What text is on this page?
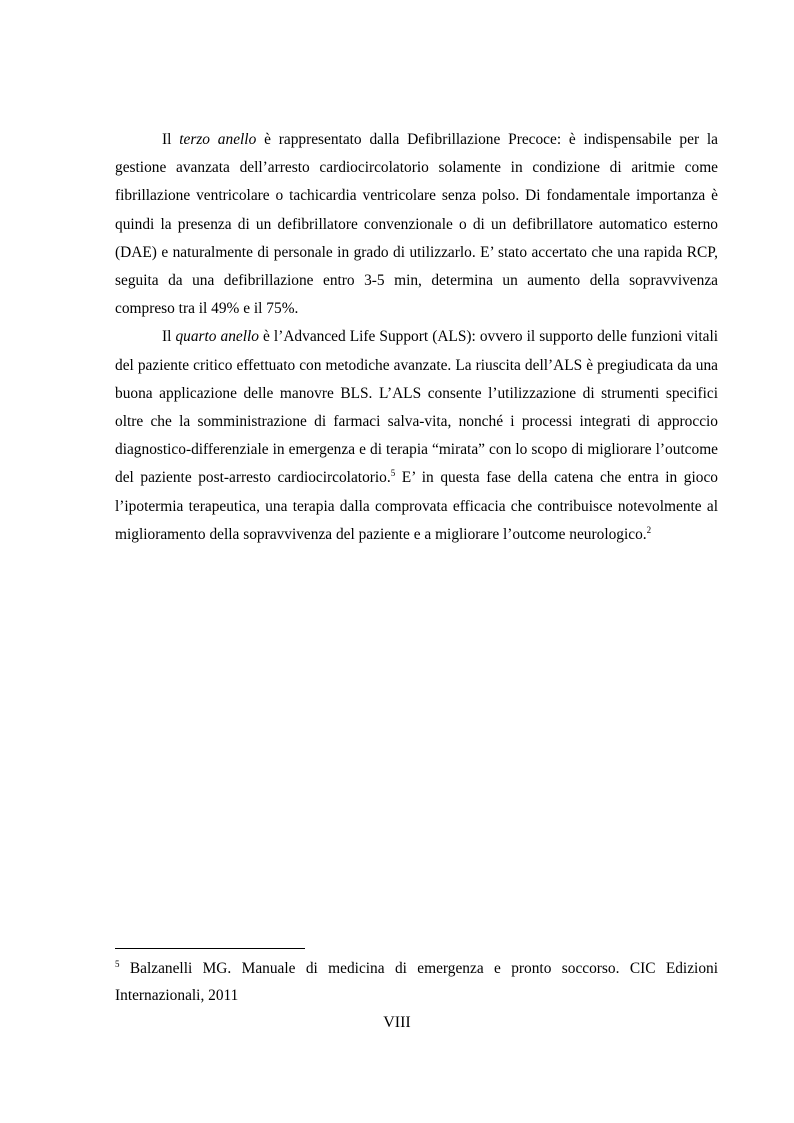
Il terzo anello è rappresentato dalla Defibrillazione Precoce: è indispensabile per la gestione avanzata dell’arresto cardiocircolatorio solamente in condizione di aritmie come fibrillazione ventricolare o tachicardia ventricolare senza polso. Di fondamentale importanza è quindi la presenza di un defibrillatore convenzionale o di un defibrillatore automatico esterno (DAE) e naturalmente di personale in grado di utilizzarlo. E’ stato accertato che una rapida RCP, seguita da una defibrillazione entro 3-5 min, determina un aumento della sopravvivenza compreso tra il 49% e il 75%.

Il quarto anello è l’Advanced Life Support (ALS): ovvero il supporto delle funzioni vitali del paziente critico effettuato con metodiche avanzate. La riuscita dell’ALS è pregiudicata da una buona applicazione delle manovre BLS. L’ALS consente l’utilizzazione di strumenti specifici oltre che la somministrazione di farmaci salva-vita, nonché i processi integrati di approccio diagnostico-differenziale in emergenza e di terapia “mirata” con lo scopo di migliorare l’outcome del paziente post-arresto cardiocircolatorio.$^5$ E’ in questa fase della catena che entra in gioco l’ipotermia terapeutica, una terapia dalla comprovata efficacia che contribuisce notevolmente al miglioramento della sopravvivenza del paziente e a migliorare l’outcome neurologico.$^2$

$^5$ Balzanelli MG. Manuale di medicina di emergenza e pronto soccorso. CIC Edizioni Internazionali, 2011
VIII
